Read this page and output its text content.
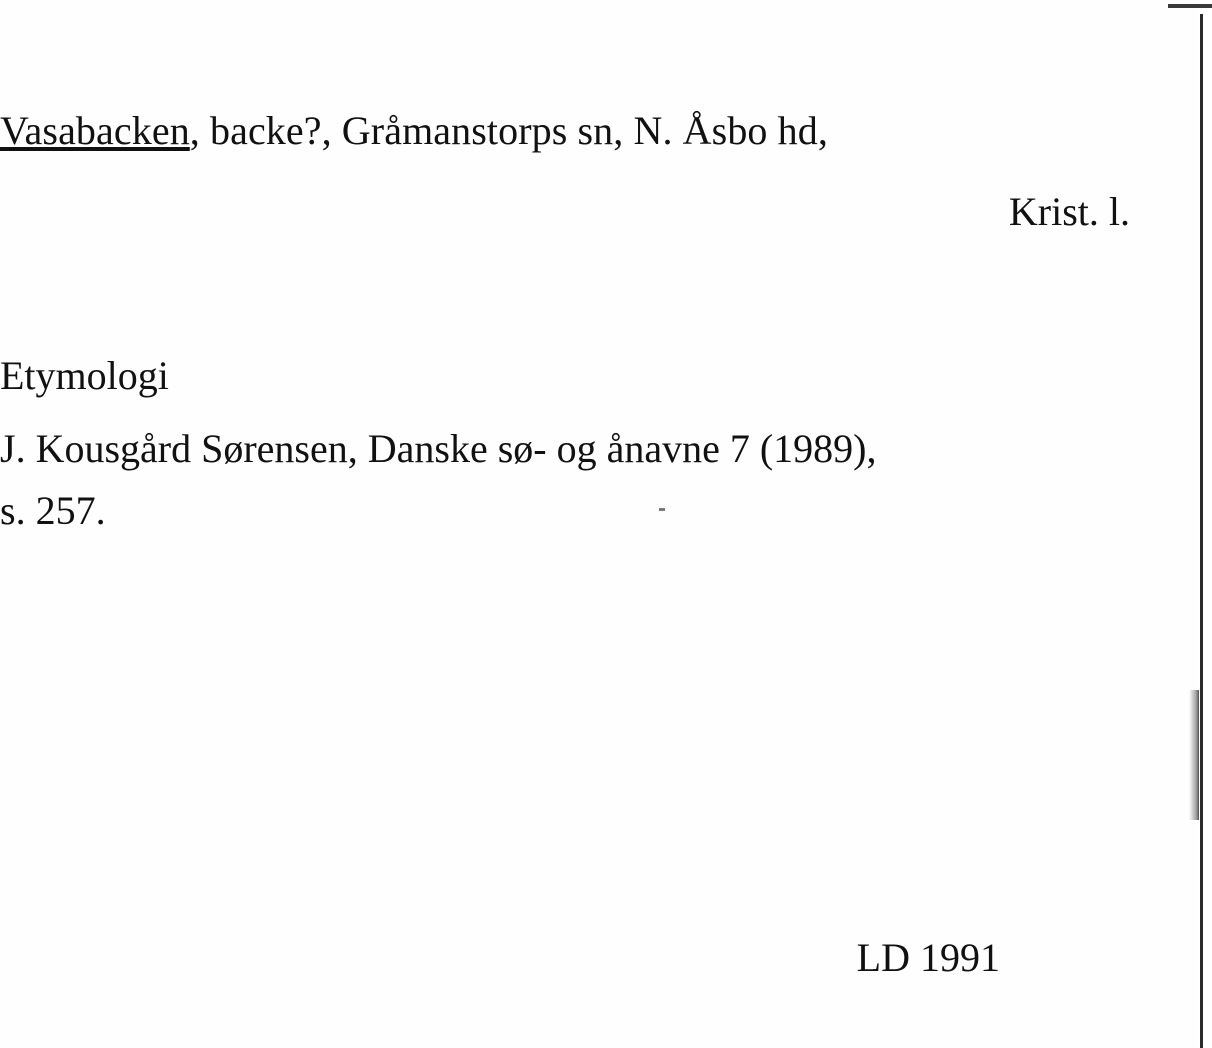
Vasabacken, backe?, Gråmanstorps sn, N. Åsbo hd,
Krist. l.
Etymologi
J. Kousgård Sørensen, Danske sø- og ånavne 7 (1989),
s. 257.
LD 1991
